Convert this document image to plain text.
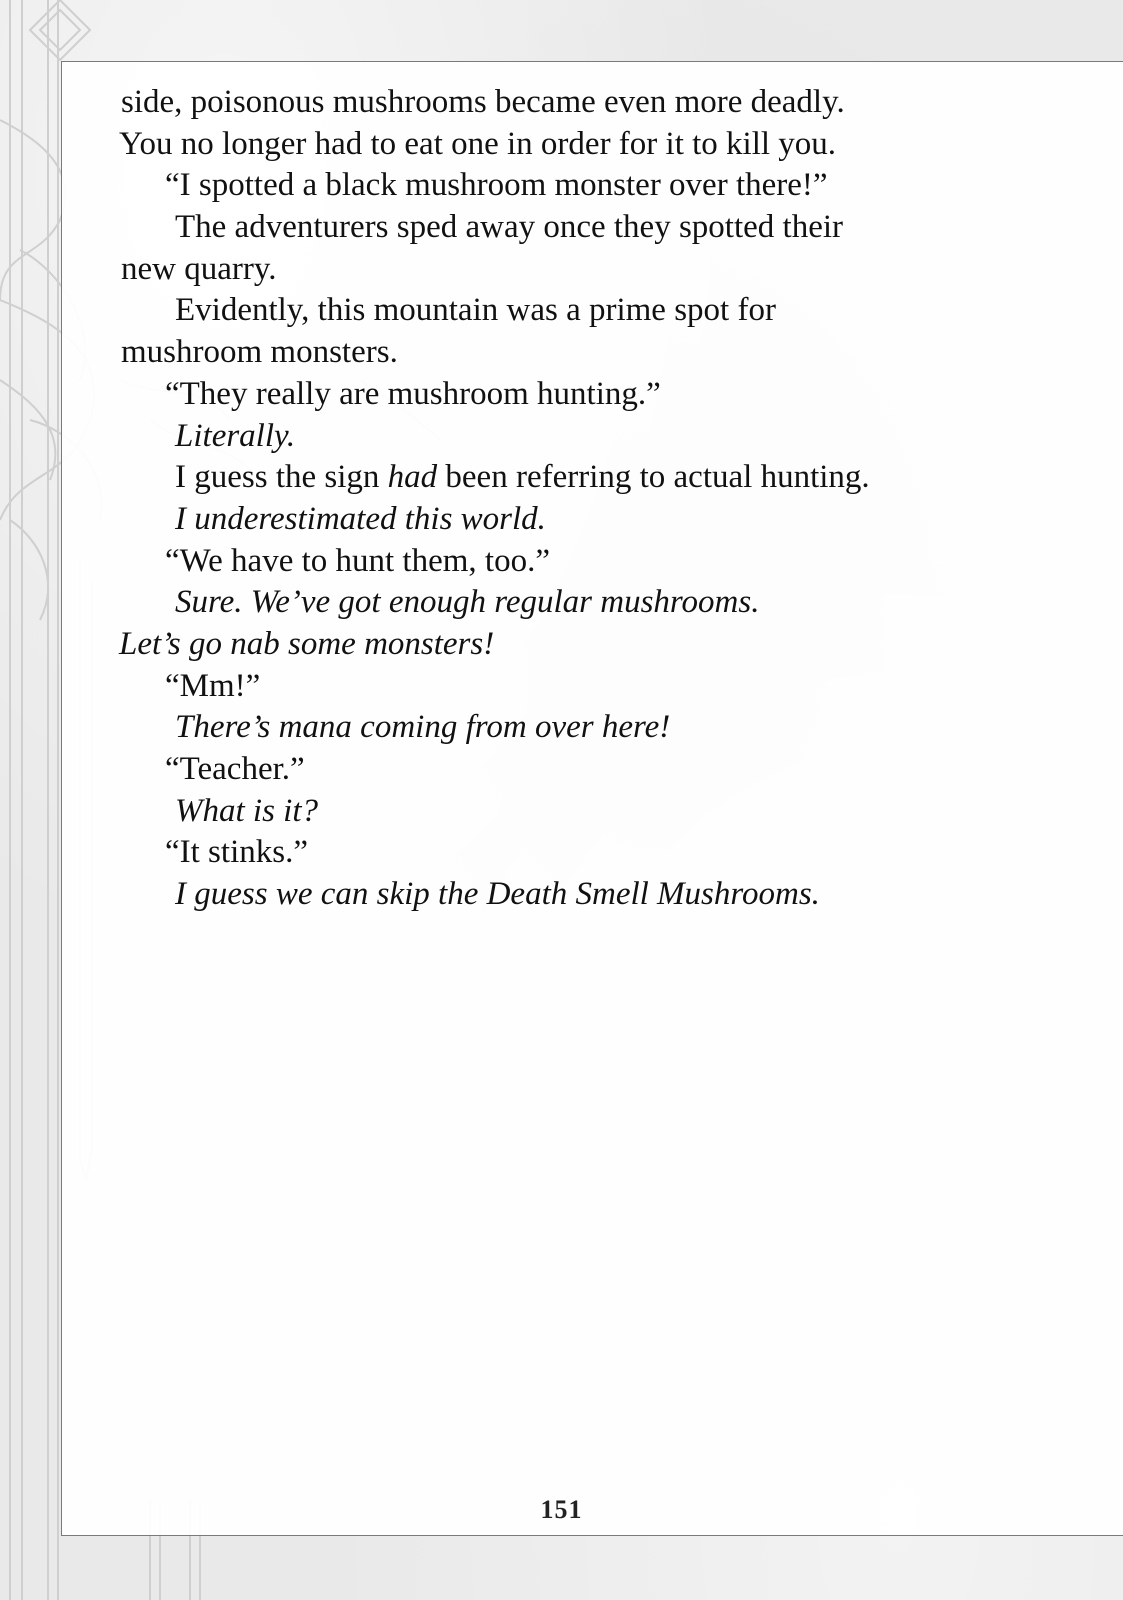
side, poisonous mushrooms became even more deadly.
You no longer had to eat one in order for it to kill you.
“I spotted a black mushroom monster over there!”
The adventurers sped away once they spotted their
new quarry.
Evidently, this mountain was a prime spot for
mushroom monsters.
“They really are mushroom hunting.”
Literally.
I guess the sign had been referring to actual hunting.
I underestimated this world.
“We have to hunt them, too.”
Sure. We’ve got enough regular mushrooms.
Let’s go nab some monsters!
“Mm!”
There’s mana coming from over here!
“Teacher.”
What is it?
“It stinks.”
I guess we can skip the Death Smell Mushrooms.
151
